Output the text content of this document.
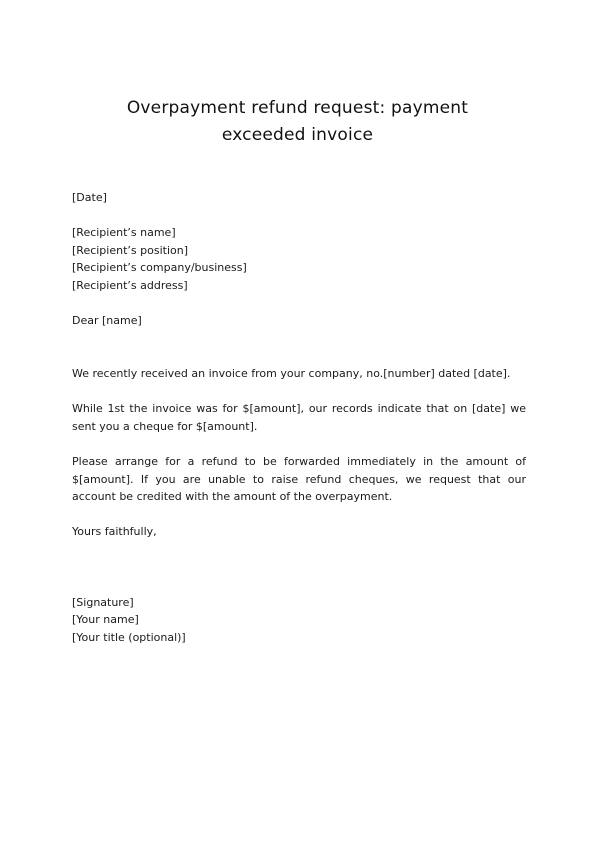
Overpayment refund request: payment
exceeded invoice
[Date]
[Recipient’s name]
[Recipient’s position]
[Recipient’s company/business]
[Recipient’s address]
Dear [name]
We recently received an invoice from your company, no.[number] dated [date].
While 1st the invoice was for $[amount], our records indicate that on [date] we sent you a cheque for $[amount].
Please arrange for a refund to be forwarded immediately in the amount of $[amount]. If you are unable to raise refund cheques, we request that our account be credited with the amount of the overpayment.
Yours faithfully,
[Signature]
[Your name]
[Your title (optional)]
